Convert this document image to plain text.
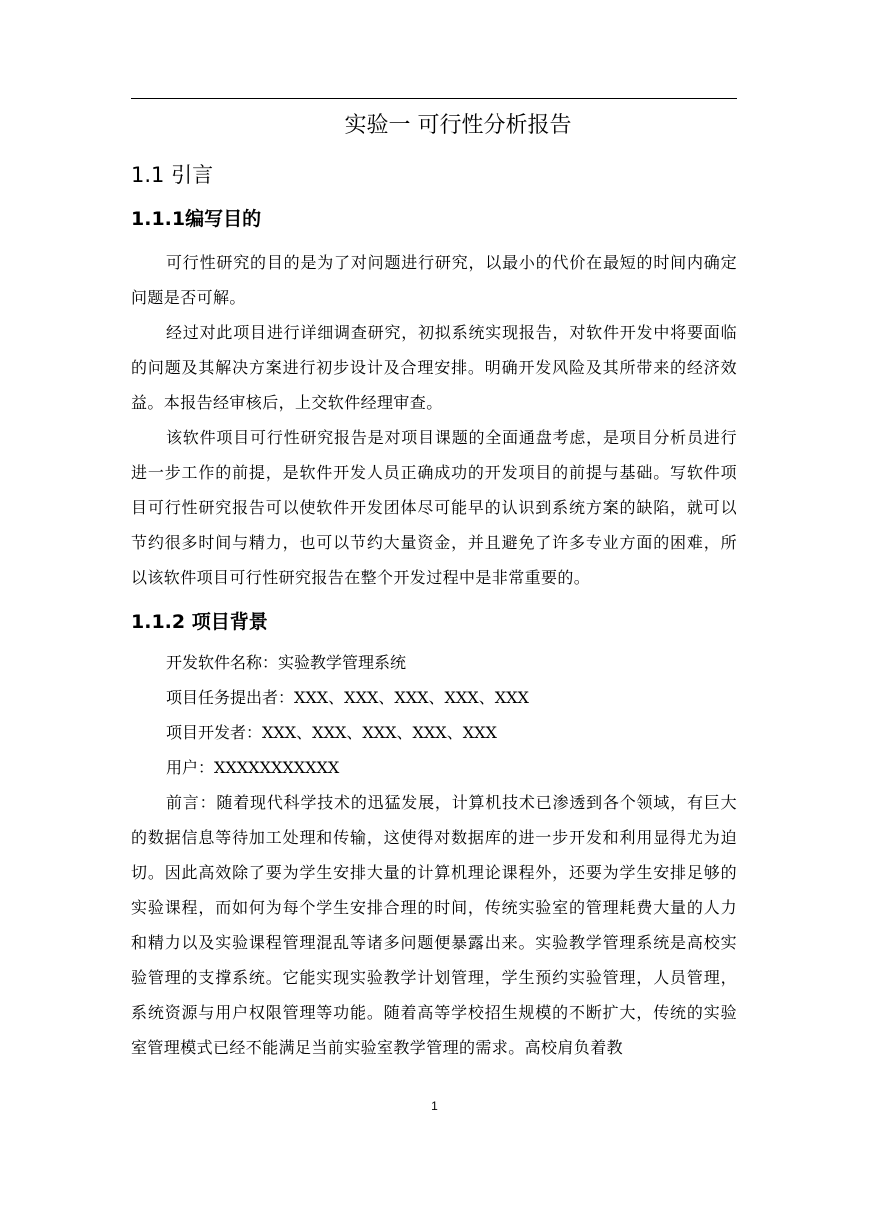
实验一 可行性分析报告
1.1 引言
1.1.1编写目的

可行性研究的目的是为了对问题进行研究，以最小的代价在最短的时间内确定问题是否可解。

经过对此项目进行详细调查研究，初拟系统实现报告，对软件开发中将要面临的问题及其解决方案进行初步设计及合理安排。明确开发风险及其所带来的经济效益。本报告经审核后，上交软件经理审查。

该软件项目可行性研究报告是对项目课题的全面通盘考虑，是项目分析员进行进一步工作的前提，是软件开发人员正确成功的开发项目的前提与基础。写软件项目可行性研究报告可以使软件开发团体尽可能早的认识到系统方案的缺陷，就可以节约很多时间与精力，也可以节约大量资金，并且避免了许多专业方面的困难，所以该软件项目可行性研究报告在整个开发过程中是非常重要的。

1.1.2 项目背景

开发软件名称：实验教学管理系统

项目任务提出者：XXX、XXX、XXX、XXX、XXX

项目开发者：XXX、XXX、XXX、XXX、XXX

用户：XXXXXXXXXXX

前言：随着现代科学技术的迅猛发展，计算机技术已渗透到各个领域，有巨大的数据信息等待加工处理和传输，这使得对数据库的进一步开发和利用显得尤为迫切。因此高效除了要为学生安排大量的计算机理论课程外，还要为学生安排足够的实验课程，而如何为每个学生安排合理的时间，传统实验室的管理耗费大量的人力和精力以及实验课程管理混乱等诸多问题便暴露出来。实验教学管理系统是高校实验管理的支撑系统。它能实现实验教学计划管理，学生预约实验管理，人员管理，系统资源与用户权限管理等功能。随着高等学校招生规模的不断扩大，传统的实验室管理模式已经不能满足当前实验室教学管理的需求。高校肩负着教

1
